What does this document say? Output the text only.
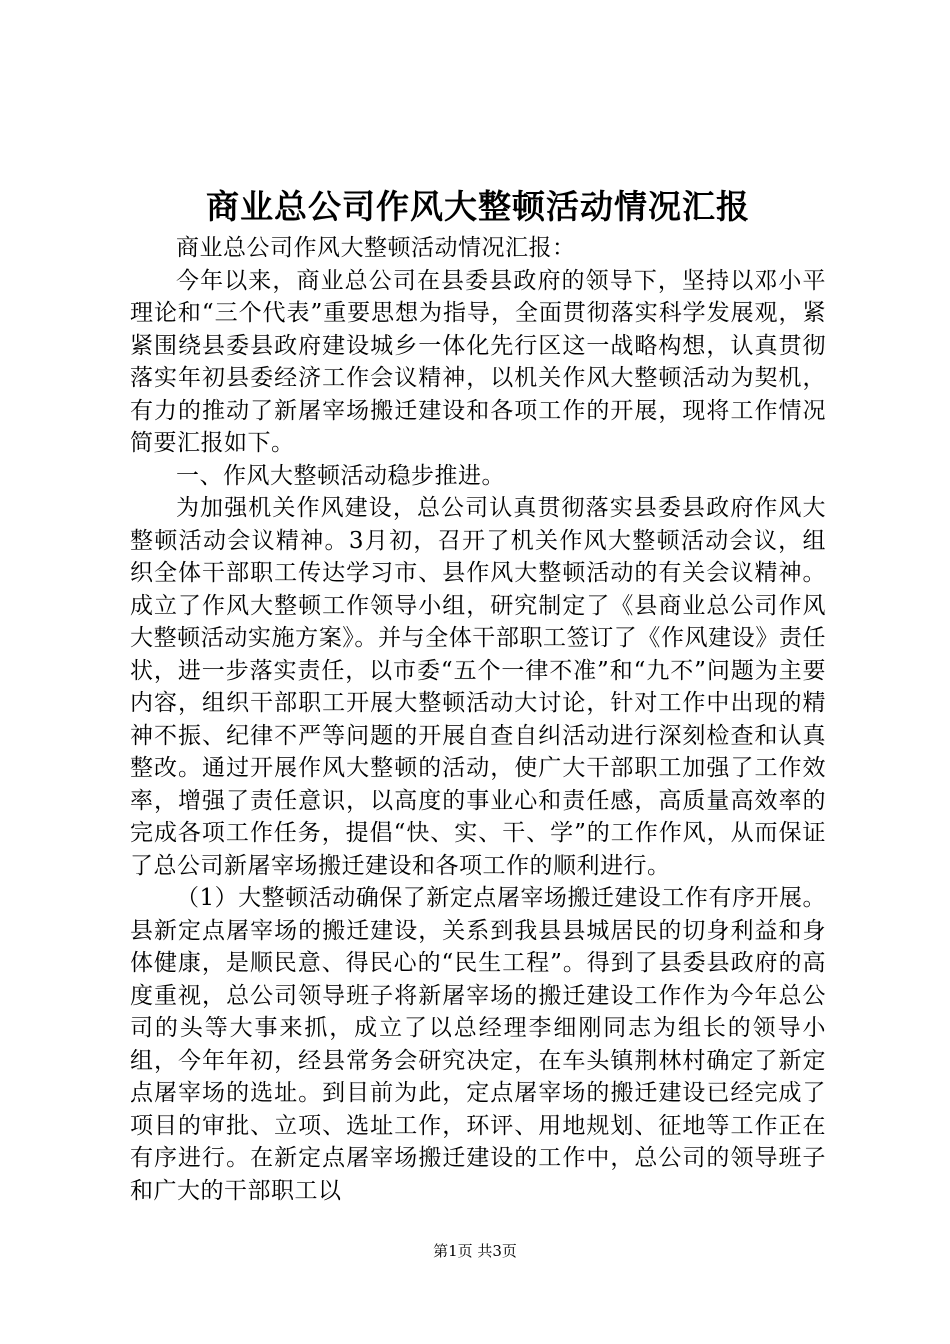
商业总公司作风大整顿活动情况汇报

商业总公司作风大整顿活动情况汇报：

今年以来，商业总公司在县委县政府的领导下，坚持以邓小平理论和“三个代表”重要思想为指导，全面贯彻落实科学发展观，紧紧围绕县委县政府建设城乡一体化先行区这一战略构想，认真贯彻落实年初县委经济工作会议精神，以机关作风大整顿活动为契机，有力的推动了新屠宰场搬迁建设和各项工作的开展，现将工作情况简要汇报如下。

一、作风大整顿活动稳步推进。

为加强机关作风建设，总公司认真贯彻落实县委县政府作风大整顿活动会议精神。3月初，召开了机关作风大整顿活动会议，组织全体干部职工传达学习市、县作风大整顿活动的有关会议精神。成立了作风大整顿工作领导小组，研究制定了《县商业总公司作风大整顿活动实施方案》。并与全体干部职工签订了《作风建设》责任状，进一步落实责任，以市委“五个一律不准”和“九不”问题为主要内容，组织干部职工开展大整顿活动大讨论，针对工作中出现的精神不振、纪律不严等问题的开展自查自纠活动进行深刻检查和认真整改。通过开展作风大整顿的活动，使广大干部职工加强了工作效率，增强了责任意识，以高度的事业心和责任感，高质量高效率的完成各项工作任务，提倡“快、实、干、学”的工作作风，从而保证了总公司新屠宰场搬迁建设和各项工作的顺利进行。

（1）大整顿活动确保了新定点屠宰场搬迁建设工作有序开展。县新定点屠宰场的搬迁建设，关系到我县县城居民的切身利益和身体健康，是顺民意、得民心的“民生工程”。得到了县委县政府的高度重视，总公司领导班子将新屠宰场的搬迁建设工作作为今年总公司的头等大事来抓，成立了以总经理李细刚同志为组长的领导小组，今年年初，经县常务会研究决定，在车头镇荆林村确定了新定点屠宰场的选址。到目前为此，定点屠宰场的搬迁建设已经完成了项目的审批、立项、选址工作，环评、用地规划、征地等工作正在有序进行。在新定点屠宰场搬迁建设的工作中，总公司的领导班子和广大的干部职工以

第1页 共3页
